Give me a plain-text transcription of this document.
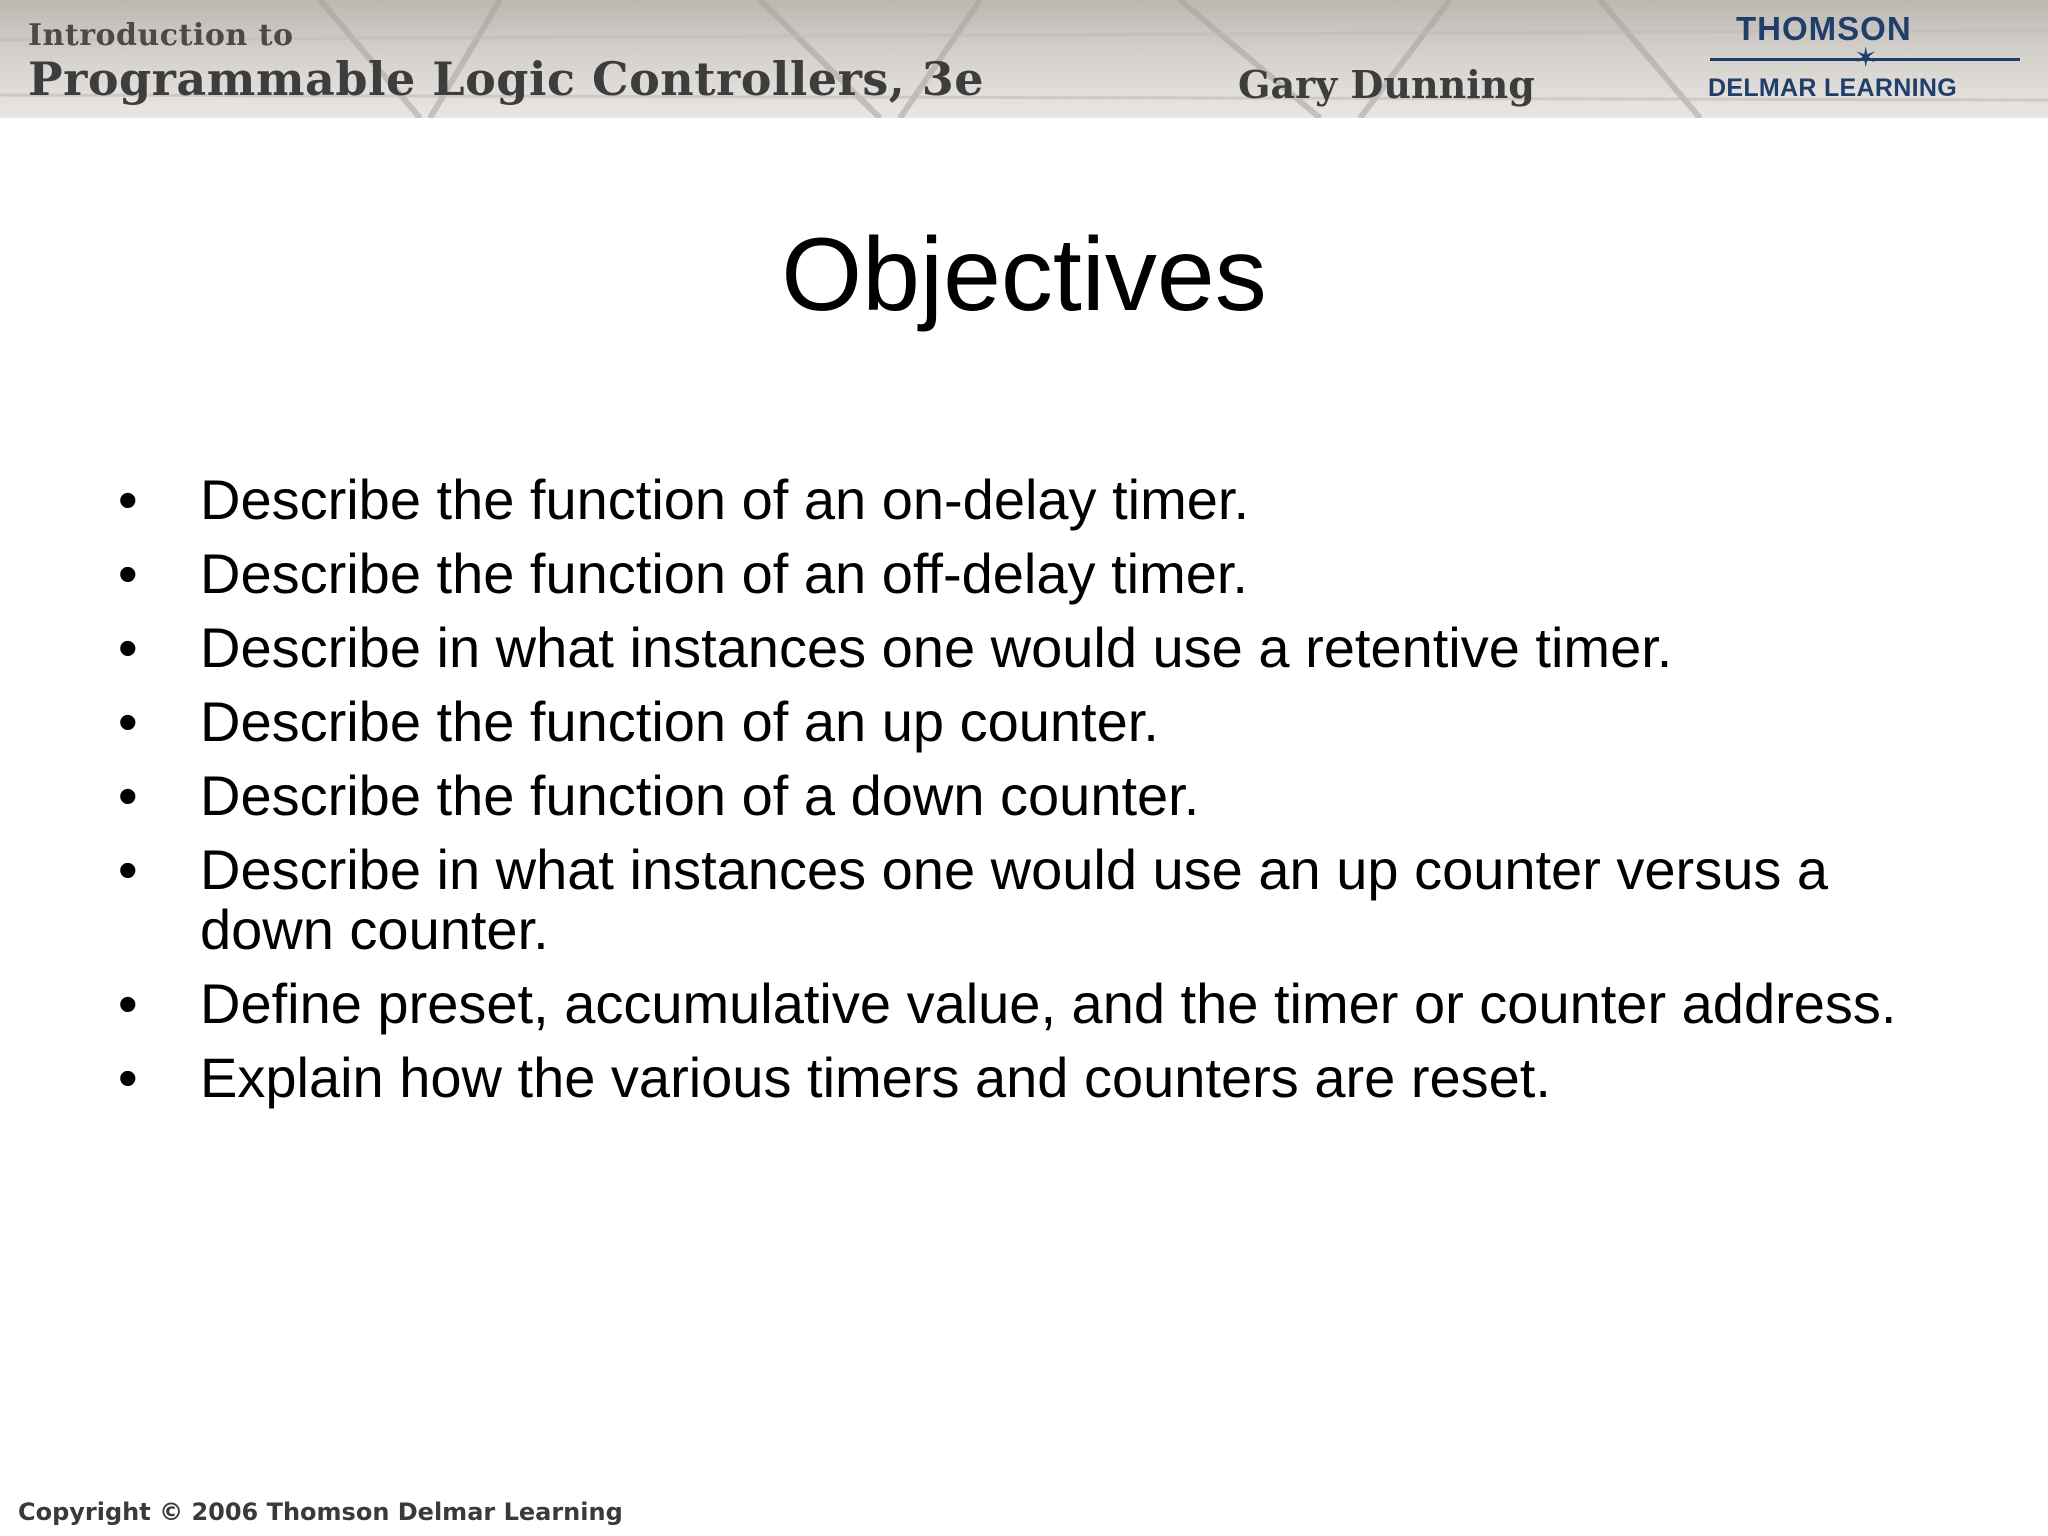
Introduction to
Programmable Logic Controllers, 3e	Gary Dunning
THOMSON
✶
DELMAR LEARNING
Objectives
• Describe the function of an on-delay timer.
• Describe the function of an off-delay timer.
• Describe in what instances one would use a retentive timer.
• Describe the function of an up counter.
• Describe the function of a down counter.
• Describe in what instances one would use an up counter versus a down counter.
• Define preset, accumulative value, and the timer or counter address.
• Explain how the various timers and counters are reset.
Copyright © 2006 Thomson Delmar Learning
